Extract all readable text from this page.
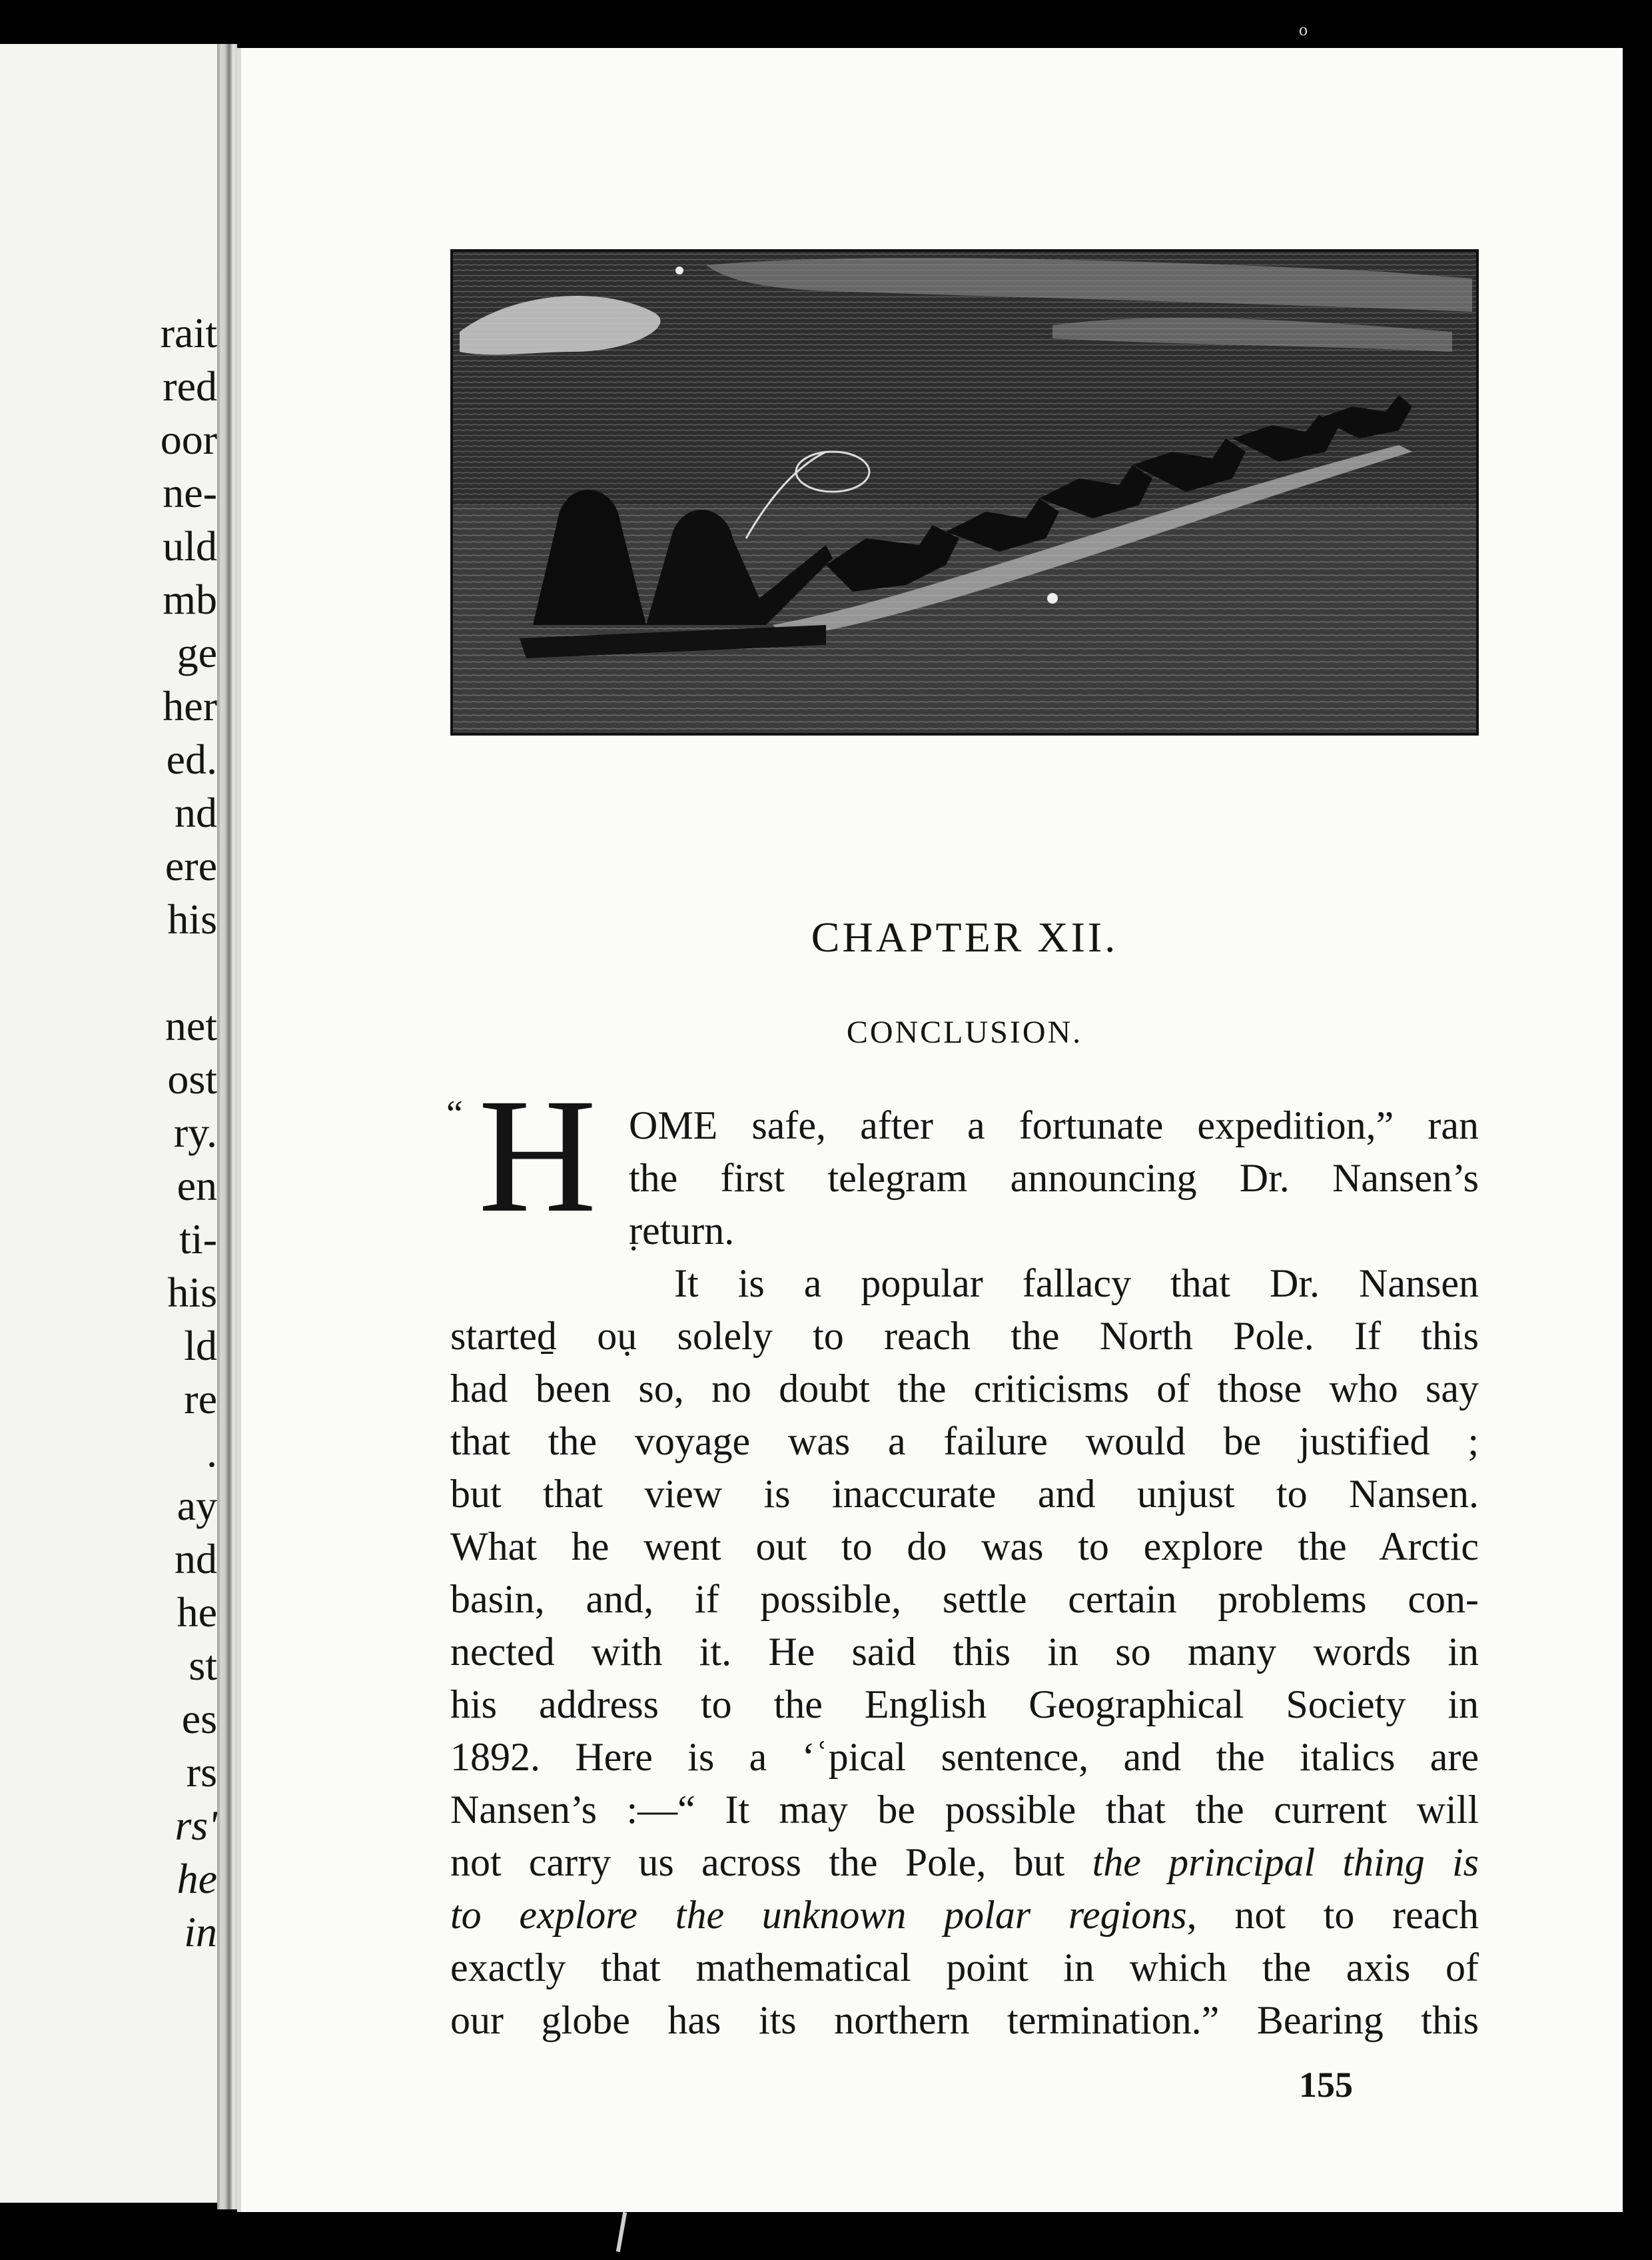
o
CHAPTER XII.
CONCLUSION.
“ H OME safe, after a fortunate expedition,” ran
the first telegram announcing Dr. Nansen’s
ṛeturn.
It is a popular fallacy that Dr. Nansen
starteḏ oụ solely to reach the North Pole. If this
had been so, no doubt the criticisms of those who say
that the voyage was a failure would be justified ;
but that view is inaccurate and unjust to Nansen.
What he went out to do was to explore the Arctic
basin, and, if possible, settle certain problems con-
nected with it. He said this in so many words in
his address to the English Geographical Society in
1892. Here is a ‘ʿpical sentence, and the italics are
Nansen’s :—“ It may be possible that the current will
not carry us across the Pole, but the principal thing is
to explore the unknown polar regions, not to reach
exactly that mathematical point in which the axis of
our globe has its northern termination.” Bearing this
155
rait
red
oor
ne-
uld
mb
ge
her
ed.
nd
ere
his
net
ost
ry.
en
ti-
his
ld
re
.
ay
nd
he
st
es
rs
rs'
he
in
